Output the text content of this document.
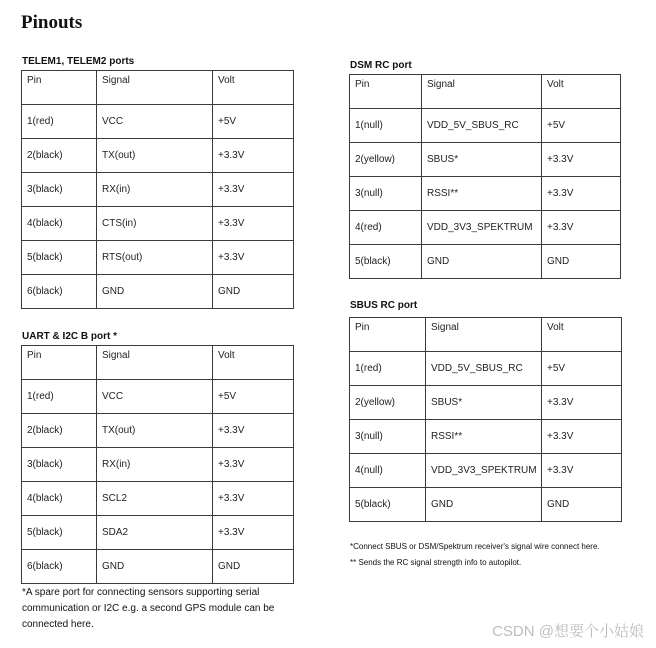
Pinouts
TELEM1, TELEM2 ports
Pin	Signal	Volt
1(red)	VCC	+5V
2(black)	TX(out)	+3.3V
3(black)	RX(in)	+3.3V
4(black)	CTS(in)	+3.3V
5(black)	RTS(out)	+3.3V
6(black)	GND	GND
UART & I2C B port *
Pin	Signal	Volt
1(red)	VCC	+5V
2(black)	TX(out)	+3.3V
3(black)	RX(in)	+3.3V
4(black)	SCL2	+3.3V
5(black)	SDA2	+3.3V
6(black)	GND	GND
*A spare port for connecting sensors supporting serial
communication or I2C e.g. a second GPS module can be
connected here.
DSM RC port
Pin	Signal	Volt
1(null)	VDD_5V_SBUS_RC	+5V
2(yellow)	SBUS*	+3.3V
3(null)	RSSI**	+3.3V
4(red)	VDD_3V3_SPEKTRUM	+3.3V
5(black)	GND	GND
SBUS RC port
Pin	Signal	Volt
1(red)	VDD_5V_SBUS_RC	+5V
2(yellow)	SBUS*	+3.3V
3(null)	RSSI**	+3.3V
4(null)	VDD_3V3_SPEKTRUM	+3.3V
5(black)	GND	GND
*Connect SBUS or DSM/Spektrum receiver's signal wire connect here.
** Sends the RC signal strength info to autopilot.
CSDN @想要个小姑娘
